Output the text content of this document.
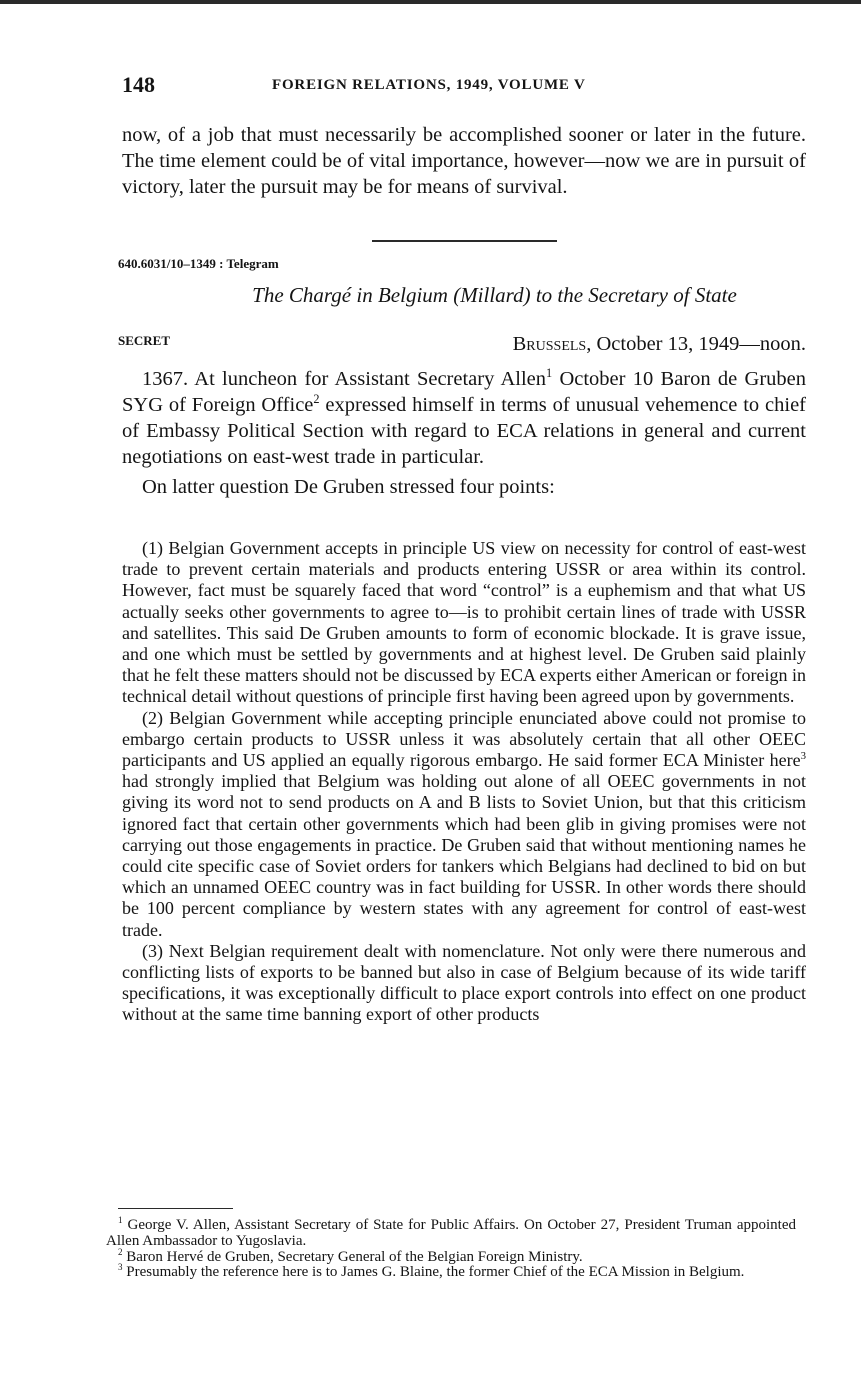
148	FOREIGN RELATIONS, 1949, VOLUME V

now, of a job that must necessarily be accomplished sooner or later in the future. The time element could be of vital importance, however—now we are in pursuit of victory, later the pursuit may be for means of survival.

640.6031/10–1349 : Telegram
The Chargé in Belgium (Millard) to the Secretary of State
SECRET	Brussels, October 13, 1949—noon.

1367. At luncheon for Assistant Secretary Allen$^1$ October 10 Baron de Gruben SYG of Foreign Office$^2$ expressed himself in terms of unusual vehemence to chief of Embassy Political Section with regard to ECA relations in general and current negotiations on east-west trade in particular.

On latter question De Gruben stressed four points:

(1) Belgian Government accepts in principle US view on necessity for control of east-west trade to prevent certain materials and products entering USSR or area within its control. However, fact must be squarely faced that word “control” is a euphemism and that what US actually seeks other governments to agree to—is to prohibit certain lines of trade with USSR and satellites. This said De Gruben amounts to form of economic blockade. It is grave issue, and one which must be settled by governments and at highest level. De Gruben said plainly that he felt these matters should not be discussed by ECA experts either American or foreign in technical detail without questions of principle first having been agreed upon by governments.

(2) Belgian Government while accepting principle enunciated above could not promise to embargo certain products to USSR unless it was absolutely certain that all other OEEC participants and US applied an equally rigorous embargo. He said former ECA Minister here$^3$ had strongly implied that Belgium was holding out alone of all OEEC governments in not giving its word not to send products on A and B lists to Soviet Union, but that this criticism ignored fact that certain other governments which had been glib in giving promises were not carrying out those engagements in practice. De Gruben said that without mentioning names he could cite specific case of Soviet orders for tankers which Belgians had declined to bid on but which an unnamed OEEC country was in fact building for USSR. In other words there should be 100 percent compliance by western states with any agreement for control of east-west trade.

(3) Next Belgian requirement dealt with nomenclature. Not only were there numerous and conflicting lists of exports to be banned but also in case of Belgium because of its wide tariff specifications, it was exceptionally difficult to place export controls into effect on one product without at the same time banning export of other products

$^1$ George V. Allen, Assistant Secretary of State for Public Affairs. On October 27, President Truman appointed Allen Ambassador to Yugoslavia.

$^2$ Baron Hervé de Gruben, Secretary General of the Belgian Foreign Ministry.

$^3$ Presumably the reference here is to James G. Blaine, the former Chief of the ECA Mission in Belgium.
